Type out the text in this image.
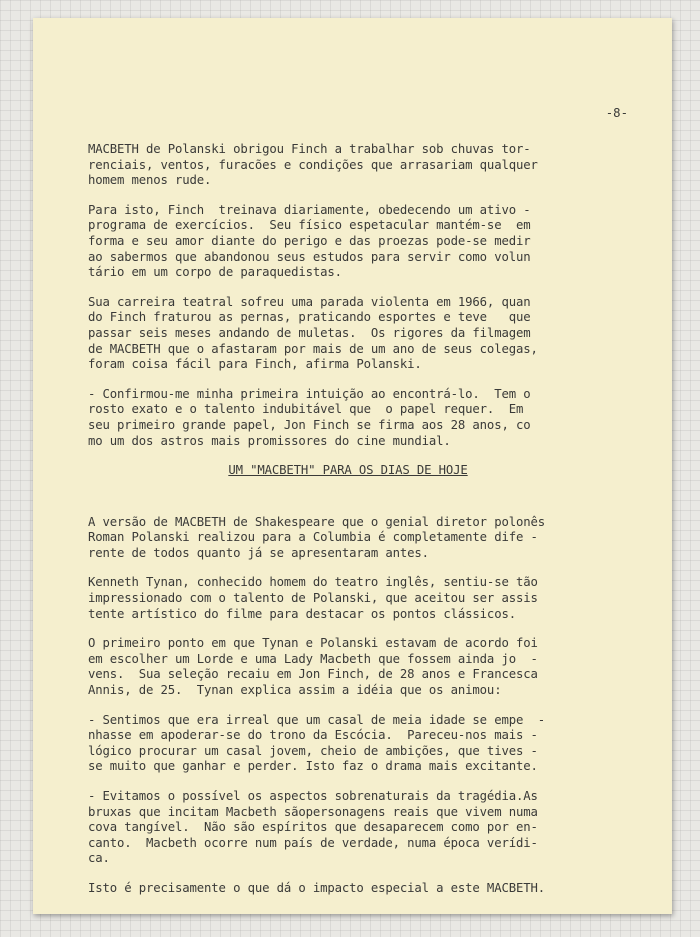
-8-
MACBETH de Polanski obrigou Finch a trabalhar sob chuvas tor-
renciais, ventos, furacões e condições que arrasariam qualquer
homem menos rude.
Para isto, Finch  treinava diariamente, obedecendo um ativo -
programa de exercícios.  Seu físico espetacular mantém-se  em
forma e seu amor diante do perigo e das proezas pode-se medir
ao sabermos que abandonou seus estudos para servir como volun
tário em um corpo de paraquedistas.
Sua carreira teatral sofreu uma parada violenta em 1966, quan
do Finch fraturou as pernas, praticando esportes e teve   que
passar seis meses andando de muletas.  Os rigores da filmagem
de MACBETH que o afastaram por mais de um ano de seus colegas,
foram coisa fácil para Finch, afirma Polanski.
- Confirmou-me minha primeira intuição ao encontrá-lo.  Tem o
rosto exato e o talento indubitável que  o papel requer.  Em
seu primeiro grande papel, Jon Finch se firma aos 28 anos, co
mo um dos astros mais promissores do cine mundial.
UM "MACBETH" PARA OS DIAS DE HOJE
A versão de MACBETH de Shakespeare que o genial diretor polonês
Roman Polanski realizou para a Columbia é completamente dife -
rente de todos quanto já se apresentaram antes.
Kenneth Tynan, conhecido homem do teatro inglês, sentiu-se tão
impressionado com o talento de Polanski, que aceitou ser assis
tente artístico do filme para destacar os pontos clássicos.
O primeiro ponto em que Tynan e Polanski estavam de acordo foi
em escolher um Lorde e uma Lady Macbeth que fossem ainda jo  -
vens.  Sua seleção recaiu em Jon Finch, de 28 anos e Francesca
Annis, de 25.  Tynan explica assim a idéia que os animou:
- Sentimos que era irreal que um casal de meia idade se empe  -
nhasse em apoderar-se do trono da Escócia.  Pareceu-nos mais -
lógico procurar um casal jovem, cheio de ambições, que tives -
se muito que ganhar e perder. Isto faz o drama mais excitante.
- Evitamos o possível os aspectos sobrenaturais da tragédia.As
bruxas que incitam Macbeth sãopersonagens reais que vivem numa
cova tangível.  Não são espíritos que desaparecem como por en-
canto.  Macbeth ocorre num país de verdade, numa época verídi-
ca.
Isto é precisamente o que dá o impacto especial a este MACBETH.
